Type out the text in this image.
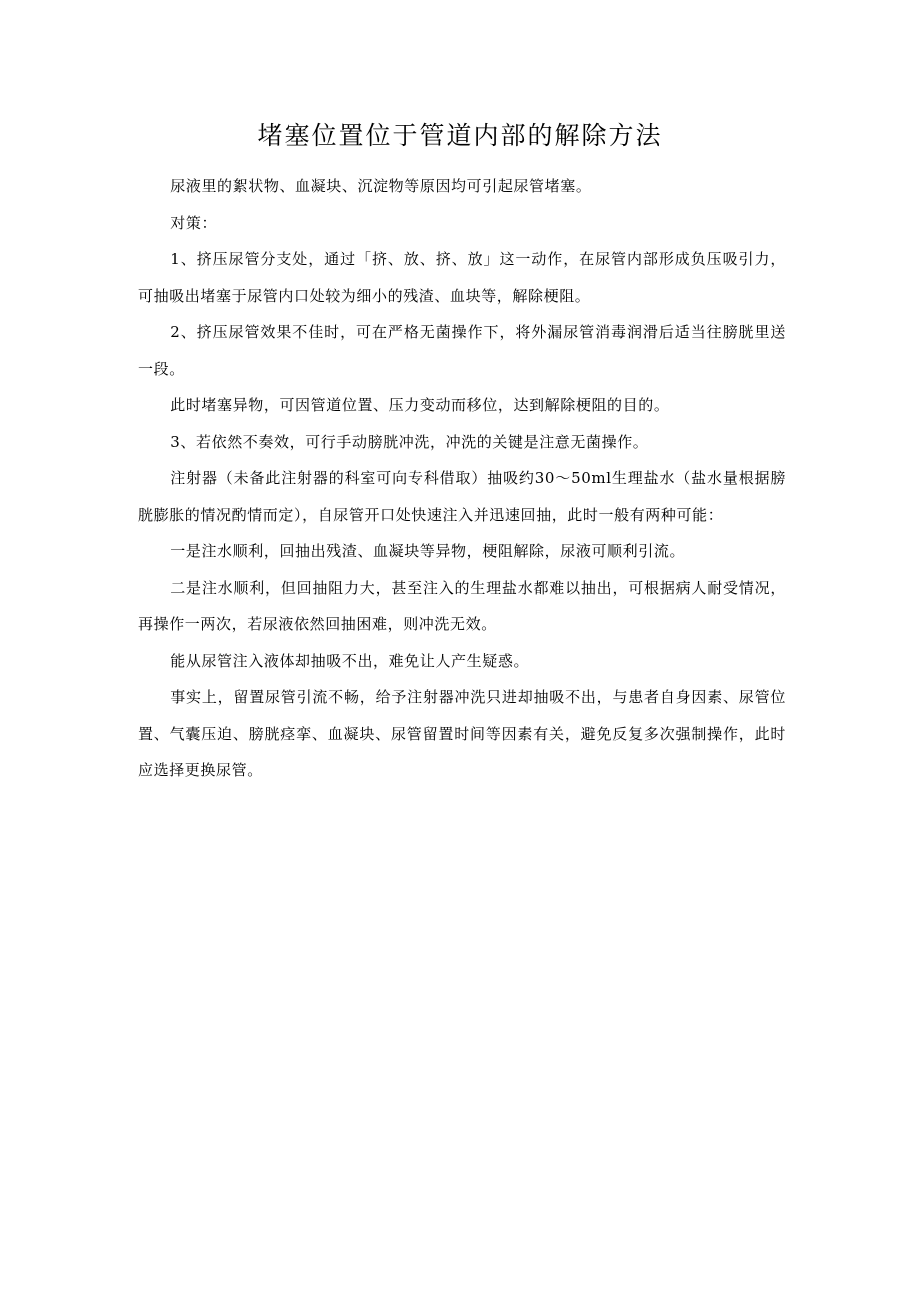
堵塞位置位于管道内部的解除方法

尿液里的絮状物、血凝块、沉淀物等原因均可引起尿管堵塞。

对策：

1、挤压尿管分支处，通过「挤、放、挤、放」这一动作，在尿管内部形成负压吸引力，可抽吸出堵塞于尿管内口处较为细小的残渣、血块等，解除梗阻。

2、挤压尿管效果不佳时，可在严格无菌操作下，将外漏尿管消毒润滑后适当往膀胱里送一段。

此时堵塞异物，可因管道位置、压力变动而移位，达到解除梗阻的目的。

3、若依然不奏效，可行手动膀胱冲洗，冲洗的关键是注意无菌操作。

注射器（未备此注射器的科室可向专科借取）抽吸约30～50ml生理盐水（盐水量根据膀胱膨胀的情况酌情而定），自尿管开口处快速注入并迅速回抽，此时一般有两种可能：

一是注水顺利，回抽出残渣、血凝块等异物，梗阻解除，尿液可顺利引流。

二是注水顺利，但回抽阻力大，甚至注入的生理盐水都难以抽出，可根据病人耐受情况，再操作一两次，若尿液依然回抽困难，则冲洗无效。

能从尿管注入液体却抽吸不出，难免让人产生疑惑。

事实上，留置尿管引流不畅，给予注射器冲洗只进却抽吸不出，与患者自身因素、尿管位置、气囊压迫、膀胱痉挛、血凝块、尿管留置时间等因素有关，避免反复多次强制操作，此时应选择更换尿管。
